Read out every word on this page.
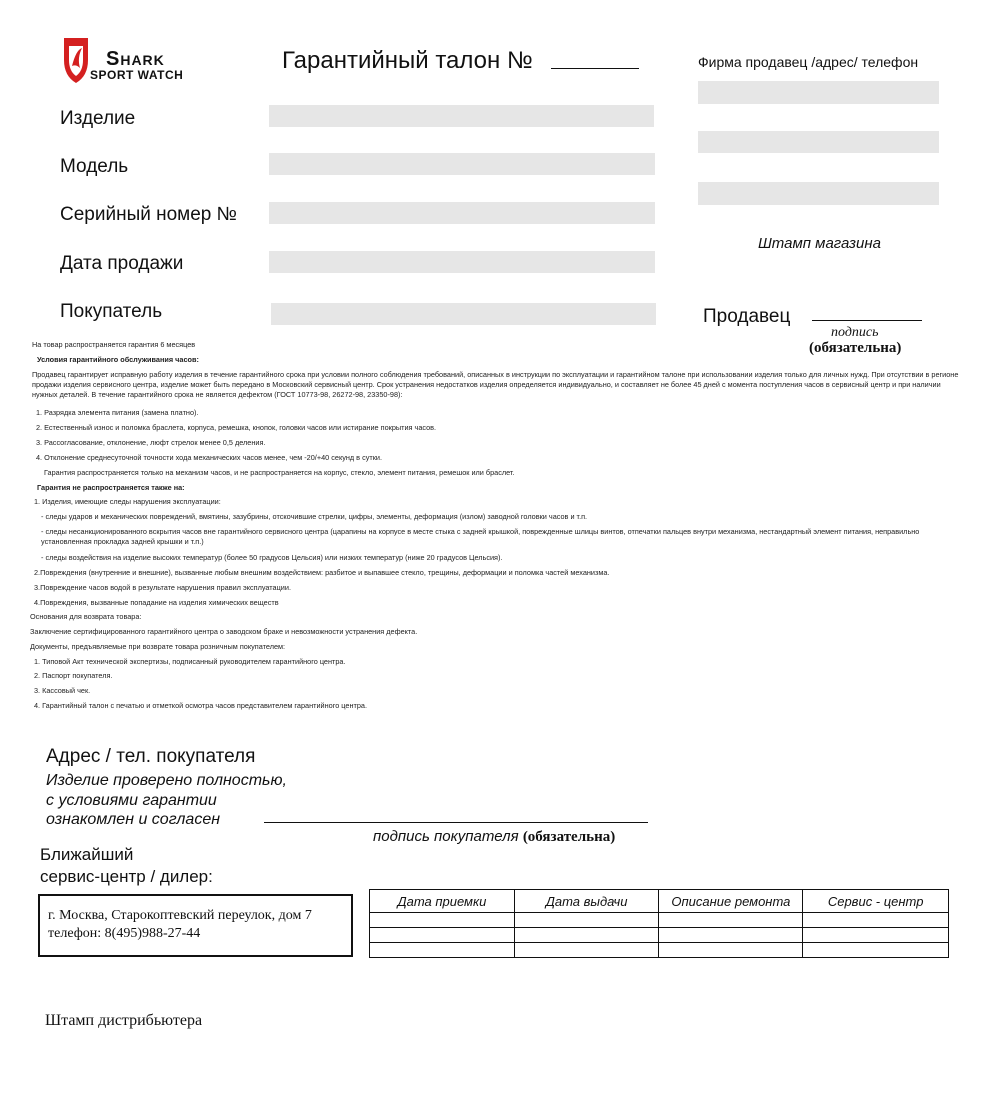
Shark
SPORT WATCH
Гарантийный талон №	Фирма продавец /адрес/ телефон
Штамп магазина
Изделие
Модель
Серийный номер №
Дата продажи
Покупатель	Продавец
подпись
(обязательна)
На товар распространяется гарантия 6 месяцев
Условия гарантийного обслуживания часов:
Продавец гарантирует исправную работу изделия в течение гарантийного срока при условии полного соблюдения требований, описанных в инструкции по эксплуатации и гарантийном талоне при использовании изделия только для личных нужд. При отсутствии в регионе продажи изделия сервисного центра, изделие может быть передано в Московский сервисный центр. Срок устранения недостатков изделия определяется индивидуально, и составляет не более 45 дней с момента поступления часов в сервисный центр и при наличии нужных деталей. В течение гарантийного срока не является дефектом (ГОСТ 10773-98, 26272-98, 23350-98):
1. Разрядка элемента питания (замена платно).
2. Естественный износ и поломка браслета, корпуса, ремешка, кнопок, головки часов или истирание покрытия часов.
3. Рассогласование, отклонение, люфт стрелок менее 0,5 деления.
4. Отклонение среднесуточной точности хода механических часов менее, чем -20/+40 секунд в сутки.
Гарантия распространяется только на механизм часов, и не распространяется на корпус, стекло, элемент питания, ремешок или браслет.
Гарантия не распространяется также на:
1. Изделия, имеющие следы нарушения эксплуатации:
- следы ударов и механических повреждений, вмятины, зазубрины, отскочившие стрелки, цифры, элементы, деформация (излом) заводной головки часов и т.п.
- следы несанкционированного вскрытия часов вне гарантийного сервисного центра (царапины на корпусе в месте стыка с задней крышкой, поврежденные шлицы винтов, отпечатки пальцев внутри механизма, нестандартный элемент питания, неправильно установленная прокладка задней крышки и т.п.)
- следы воздействия на изделие высоких температур (более 50 градусов Цельсия) или низких температур (ниже 20 градусов Цельсия).
2.Повреждения (внутренние и внешние), вызванные любым внешним воздействием: разбитое и выпавшее стекло, трещины, деформации и поломка частей механизма.
3.Повреждение часов водой в результате нарушения правил эксплуатации.
4.Повреждения, вызванные попадание на изделия химических веществ
Основания для возврата товара:
Заключение сертифицированного гарантийного центра о заводском браке и невозможности устранения дефекта.
Документы, предъявляемые при возврате товара розничным покупателем:
1. Типовой Акт технической экспертизы, подписанный руководителем гарантийного центра.
2. Паспорт покупателя.
3. Кассовый чек.
4. Гарантийный талон с печатью и отметкой осмотра часов представителем гарантийного центра.
Адрес / тел. покупателя
Изделие проверено полностью,
с условиями гарантии
ознакомлен и согласен
подпись покупателя (обязательна)
Ближайший
сервис-центр / дилер:
г. Москва, Старокоптевский переулок, дом 7
телефон: 8(495)988-27-44
Дата приемки	Дата выдачи	Описание ремонта	Сервис - центр

Штамп дистрибьютера
